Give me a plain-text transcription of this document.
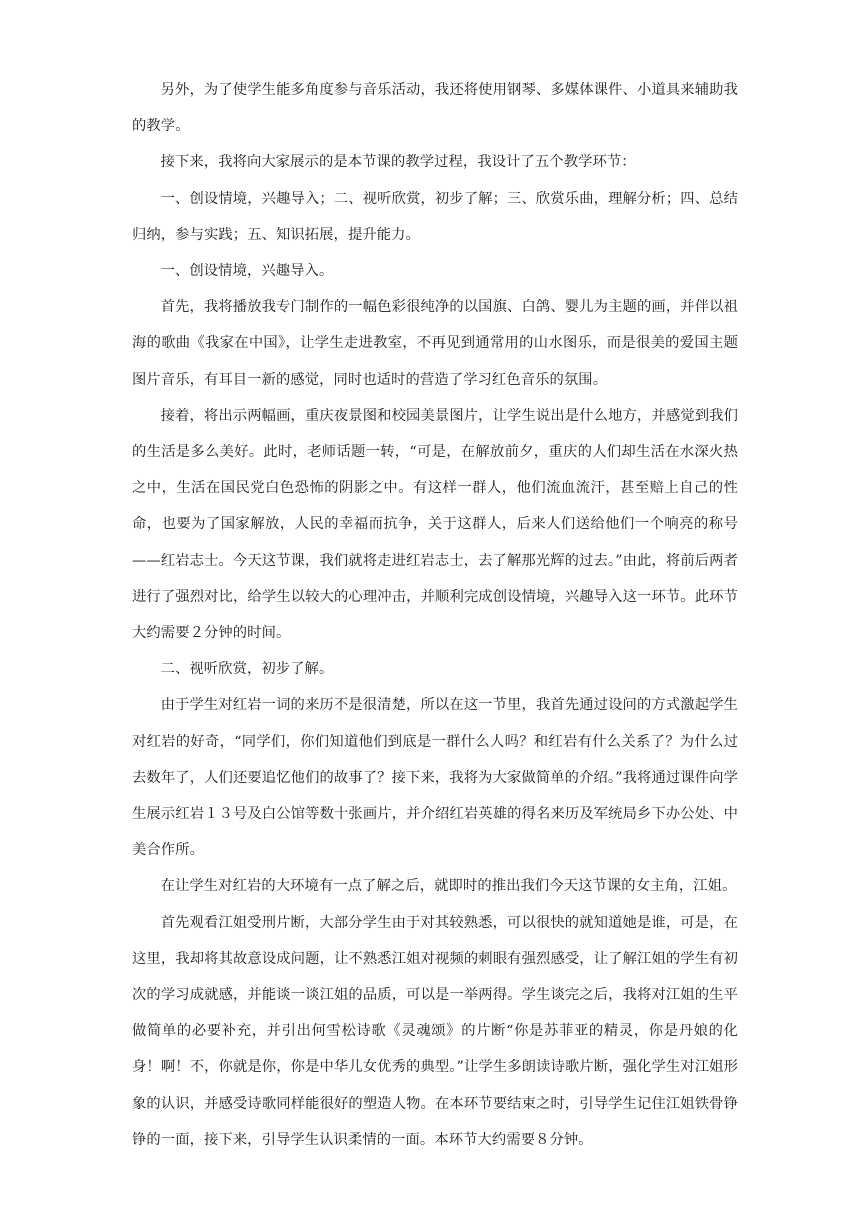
另外，为了使学生能多角度参与音乐活动，我还将使用钢琴、多媒体课件、小道具来辅助我的教学。

接下来，我将向大家展示的是本节课的教学过程，我设计了五个教学环节：

一、创设情境，兴趣导入；二、视听欣赏，初步了解；三、欣赏乐曲，理解分析；四、总结归纳，参与实践；五、知识拓展，提升能力。

一、创设情境，兴趣导入。

首先，我将播放我专门制作的一幅色彩很纯净的以国旗、白鸽、婴儿为主题的画，并伴以祖海的歌曲《我家在中国》，让学生走进教室，不再见到通常用的山水图乐，而是很美的爱国主题图片音乐，有耳目一新的感觉，同时也适时的营造了学习红色音乐的氛围。

接着，将出示两幅画，重庆夜景图和校园美景图片，让学生说出是什么地方，并感觉到我们的生活是多么美好。此时，老师话题一转，“可是，在解放前夕，重庆的人们却生活在水深火热之中，生活在国民党白色恐怖的阴影之中。有这样一群人，他们流血流汗，甚至赔上自己的性命，也要为了国家解放，人民的幸福而抗争，关于这群人，后来人们送给他们一个响亮的称号——红岩志士。今天这节课，我们就将走进红岩志士，去了解那光辉的过去。”由此，将前后两者进行了强烈对比，给学生以较大的心理冲击，并顺利完成创设情境，兴趣导入这一环节。此环节大约需要２分钟的时间。

二、视听欣赏，初步了解。

由于学生对红岩一词的来历不是很清楚，所以在这一节里，我首先通过设问的方式激起学生对红岩的好奇，“同学们，你们知道他们到底是一群什么人吗？和红岩有什么关系了？为什么过去数年了，人们还要追忆他们的故事了？接下来，我将为大家做简单的介绍。”我将通过课件向学生展示红岩１３号及白公馆等数十张画片，并介绍红岩英雄的得名来历及军统局乡下办公处、中美合作所。

在让学生对红岩的大环境有一点了解之后，就即时的推出我们今天这节课的女主角，江姐。

首先观看江姐受刑片断，大部分学生由于对其较熟悉，可以很快的就知道她是谁，可是，在这里，我却将其故意设成问题，让不熟悉江姐对视频的刺眼有强烈感受，让了解江姐的学生有初次的学习成就感，并能谈一谈江姐的品质，可以是一举两得。学生谈完之后，我将对江姐的生平做简单的必要补充，并引出何雪松诗歌《灵魂颂》的片断“你是苏菲亚的精灵，你是丹娘的化身！啊！不，你就是你，你是中华儿女优秀的典型。”让学生多朗读诗歌片断，强化学生对江姐形象的认识，并感受诗歌同样能很好的塑造人物。在本环节要结束之时，引导学生记住江姐铁骨铮铮的一面，接下来，引导学生认识柔情的一面。本环节大约需要８分钟。
